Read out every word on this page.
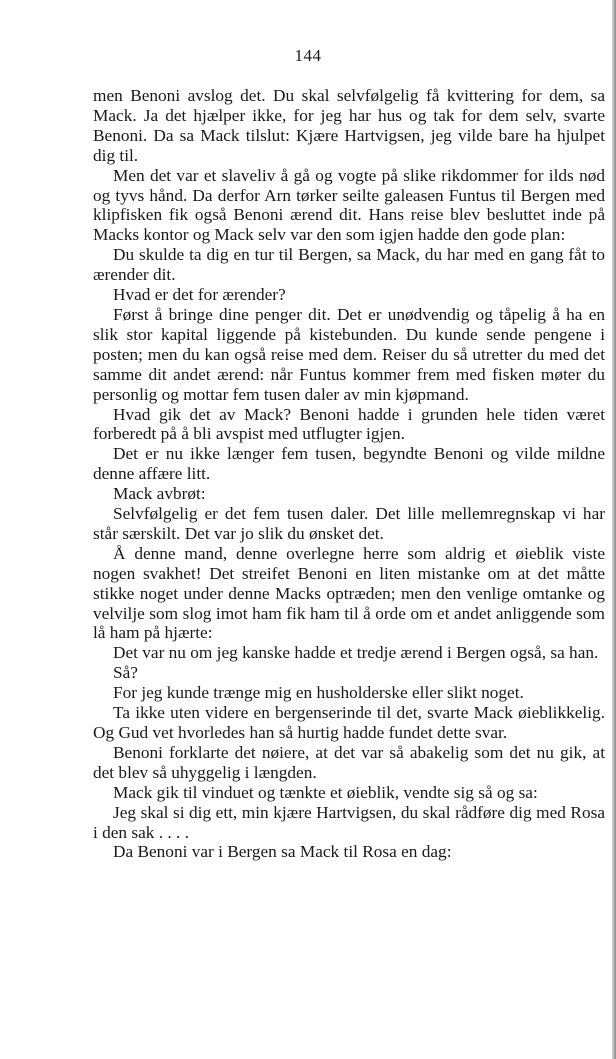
144

men Benoni avslog det. Du skal selvfølgelig få kvittering for dem, sa Mack. Ja det hjælper ikke, for jeg har hus og tak for dem selv, svarte Benoni. Da sa Mack tilslut: Kjære Hartvigsen, jeg vilde bare ha hjulpet dig til.

Men det var et slaveliv å gå og vogte på slike rikdommer for ilds nød og tyvs hånd. Da derfor Arn tørker seilte galeasen Funtus til Bergen med klipfisken fik også Benoni ærend dit. Hans reise blev besluttet inde på Macks kontor og Mack selv var den som igjen hadde den gode plan:

Du skulde ta dig en tur til Bergen, sa Mack, du har med en gang fåt to ærender dit.

Hvad er det for ærender?

Først å bringe dine penger dit. Det er unødvendig og tåpelig å ha en slik stor kapital liggende på kistebunden. Du kunde sende pengene i posten; men du kan også reise med dem. Reiser du så utretter du med det samme dit andet ærend: når Funtus kommer frem med fisken møter du personlig og mottar fem tusen daler av min kjøpmand.

Hvad gik det av Mack? Benoni hadde i grunden hele tiden været forberedt på å bli avspist med utflugter igjen.

Det er nu ikke længer fem tusen, begyndte Benoni og vilde mildne denne affære litt.

Mack avbrøt:

Selvfølgelig er det fem tusen daler. Det lille mellemregnskap vi har står særskilt. Det var jo slik du ønsket det.

Å denne mand, denne overlegne herre som aldrig et øieblik viste nogen svakhet! Det streifet Benoni en liten mistanke om at det måtte stikke noget under denne Macks optræden; men den venlige omtanke og velvilje som slog imot ham fik ham til å orde om et andet anliggende som lå ham på hjærte:

Det var nu om jeg kanske hadde et tredje ærend i Bergen også, sa han.

Så?

For jeg kunde trænge mig en husholderske eller slikt noget.

Ta ikke uten videre en bergenserinde til det, svarte Mack øieblikkelig. Og Gud vet hvorledes han så hurtig hadde fundet dette svar.

Benoni forklarte det nøiere, at det var så abakelig som det nu gik, at det blev så uhyggelig i længden.

Mack gik til vinduet og tænkte et øieblik, vendte sig så og sa:

Jeg skal si dig ett, min kjære Hartvigsen, du skal rådføre dig med Rosa i den sak . . . .

Da Benoni var i Bergen sa Mack til Rosa en dag:
